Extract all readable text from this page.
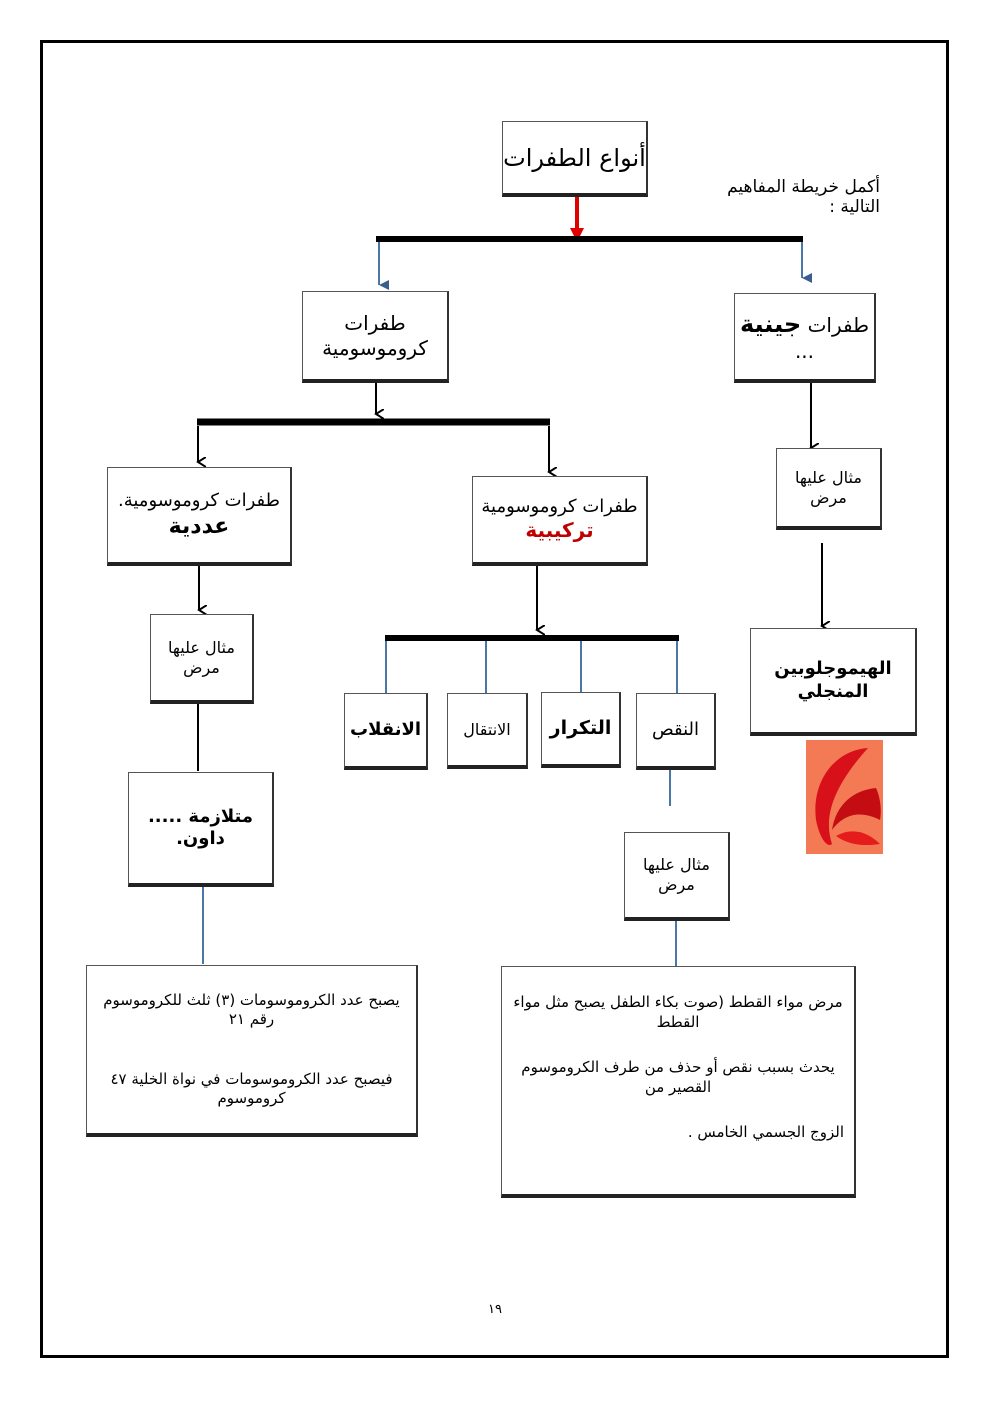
أكمل خريطة المفاهيم التالية :
أنواع الطفرات
طفرات كروموسومية
طفرات جينية ...
مثال عليها مرض
الهيموجلوبين المنجلي
طفرات كروموسومية. عددية
مثال عليها مرض
متلازمة ..... داون.
يصبح عدد الكروموسومات (٣) ثلث للكروموسوم رقم ٢١
فيصبح عدد الكروموسومات في نواة الخلية ٤٧ كروموسوم
طفرات كروموسومية تركيبية
النقص
التكرار
الانتقال
الانقلاب
مثال عليها مرض
مرض مواء القطط (صوت بكاء الطفل يصبح مثل مواء القطط
يحدث بسبب نقص أو حذف من طرف الكروموسوم القصير من
الزوج الجسمي الخامس .
١٩
